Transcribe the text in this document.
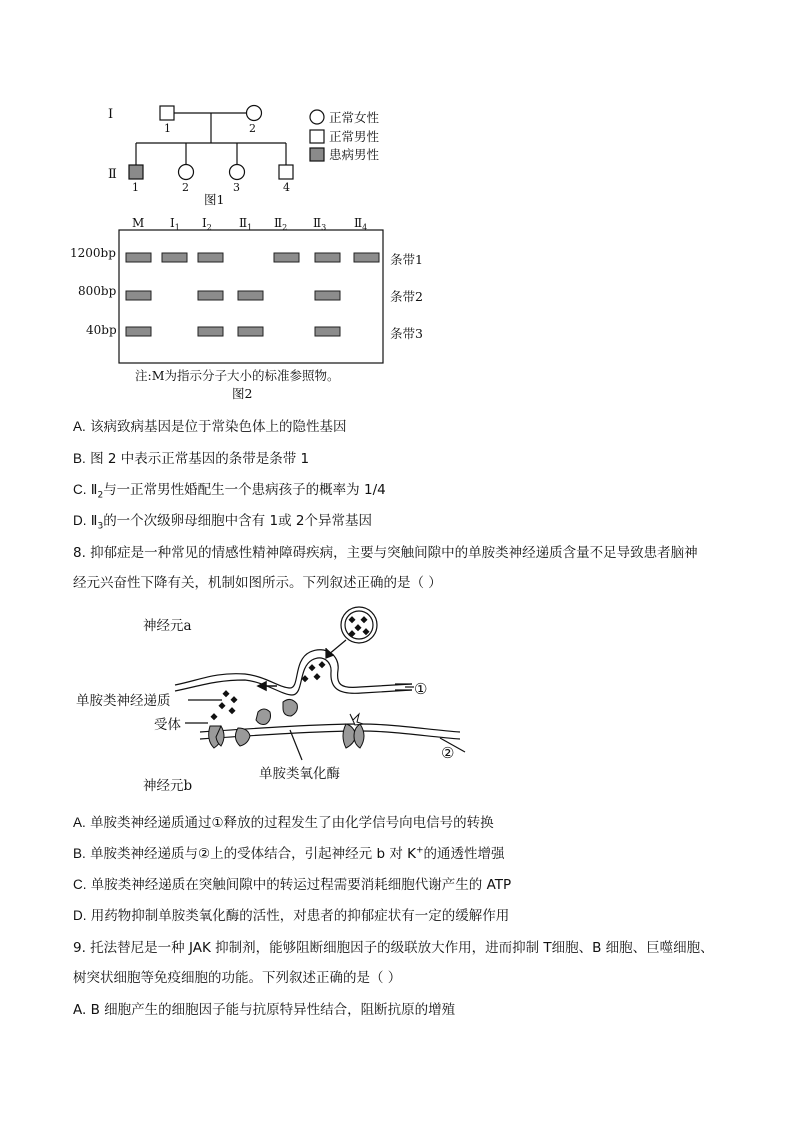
Ⅰ
Ⅱ
1	2
1	2	3	4
正常女性
正常男性
患病男性
图1
M $Ⅰ_1$ $Ⅰ_2$ $Ⅱ_1$ $Ⅱ_2$ $Ⅱ_3$ $Ⅱ_4$
1200bp
800bp
40bp
条带1
条带2
条带3
注:M为指示分子大小的标准参照物。
图2
A. 该病致病基因是位于常染色体上的隐性基因
B. 图 2 中表示正常基因的条带是条带 1
C. $Ⅱ_2$与一正常男性婚配生一个患病孩子的概率为 1/4
D. $Ⅱ_3$的一个次级卵母细胞中含有 1或 2个异常基因
8. 抑郁症是一种常见的情感性精神障碍疾病，主要与突触间隙中的单胺类神经递质含量不足导致患者脑神
经元兴奋性下降有关，机制如图所示。下列叙述正确的是（ ）
神经元a
神经元b
单胺类神经递质
受体
单胺类氧化酶
①
②
A. 单胺类神经递质通过①释放的过程发生了由化学信号向电信号的转换
B. 单胺类神经递质与②上的受体结合，引起神经元 b 对 K+的通透性增强
C. 单胺类神经递质在突触间隙中的转运过程需要消耗细胞代谢产生的 ATP
D. 用药物抑制单胺类氧化酶的活性，对患者的抑郁症状有一定的缓解作用
9. 托法替尼是一种 JAK 抑制剂，能够阻断细胞因子的级联放大作用，进而抑制 T细胞、B 细胞、巨噬细胞、
树突状细胞等免疫细胞的功能。下列叙述正确的是（ ）
A. B 细胞产生的细胞因子能与抗原特异性结合，阻断抗原的增殖
